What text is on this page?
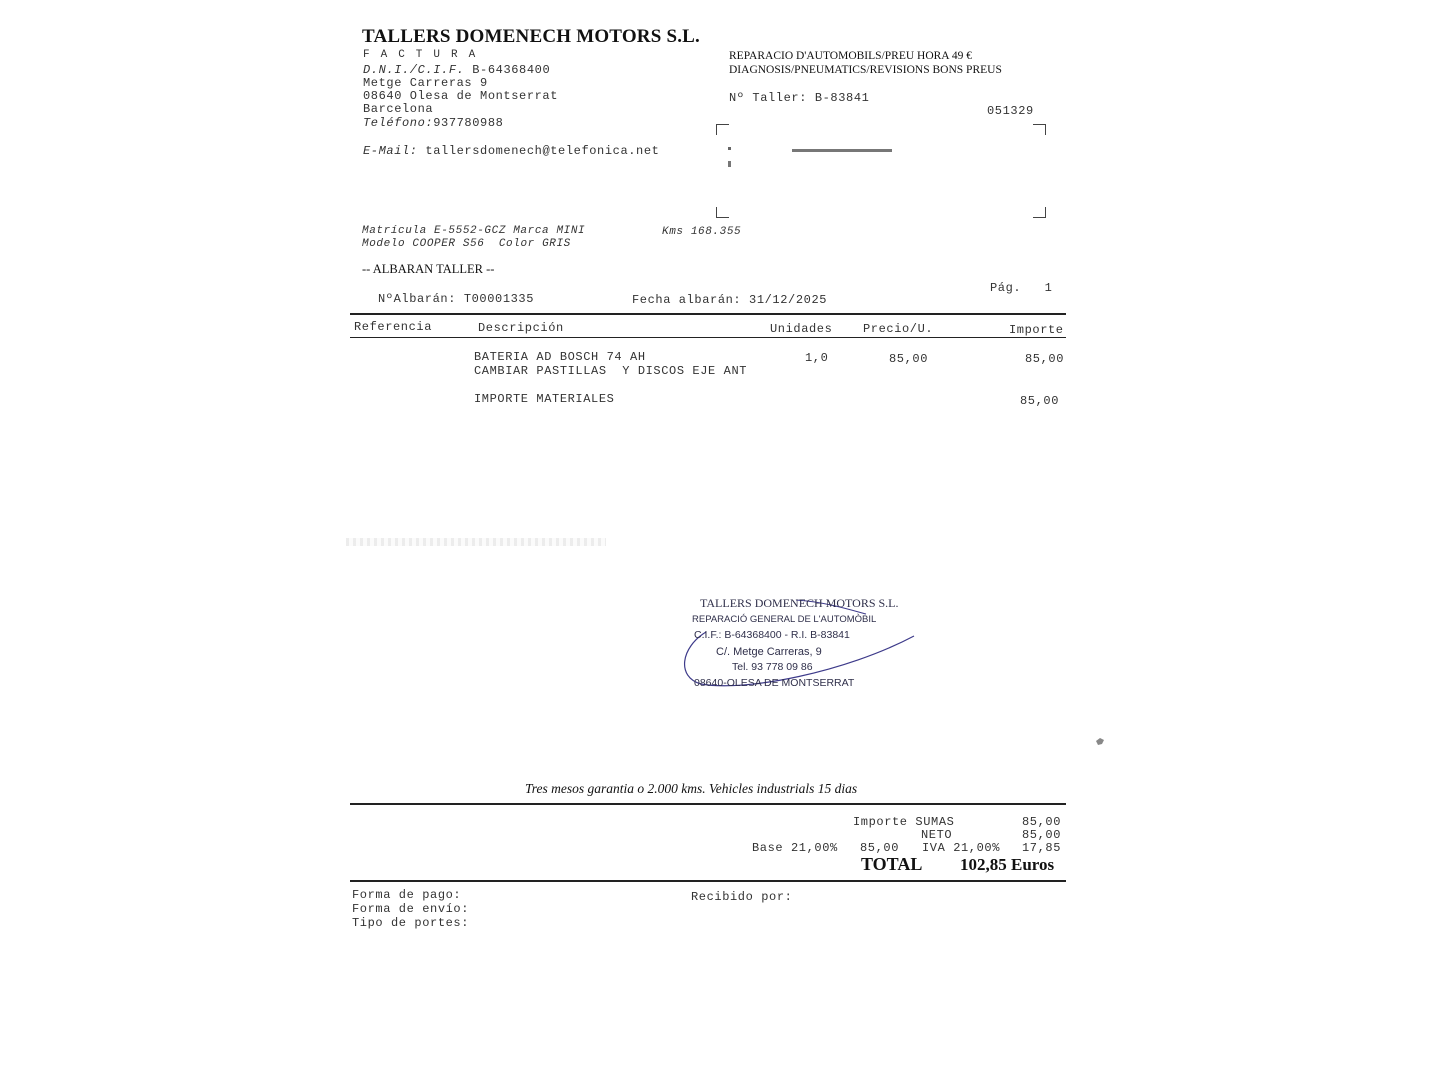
TALLERS DOMENECH MOTORS S.L.
FACTURA
D.N.I./C.I.F. B-64368400
Metge Carreras 9
08640 Olesa de Montserrat
Barcelona
Teléfono:937780988
E-Mail: tallersdomenech@telefonica.net
REPARACIO D'AUTOMOBILS/PREU HORA 49 €
DIAGNOSIS/PNEUMATICS/REVISIONS BONS PREUS
Nº Taller: B-83841
051329

Matrícula E-5552-GCZ Marca MINI	Kms 168.355
Modelo COOPER S56 Color GRIS
-- ALBARAN TALLER --
Pág. 1
NºAlbarán: T00001335	Fecha albarán: 31/12/2025
Referencia	Descripción	Unidades	Precio/U.	Importe
BATERIA AD BOSCH 74 AH	1,0	85,00	85,00
CAMBIAR PASTILLAS  Y DISCOS EJE ANT
IMPORTE MATERIALES	85,00

TALLERS DOMENECH MOTORS S.L.

REPARACIÓ GENERAL DE L'AUTOMÒBIL

C.I.F.: B-64368400 - R.I. B-83841

C/. Metge Carreras, 9

Tel. 93 778 09 86

08640-OLESA DE MONTSERRAT

Tres mesos garantia o 2.000 kms. Vehicles industrials 15 dias
Importe SUMAS	85,00
NETO	85,00
Base 21,00% 85,00 IVA 21,00% 17,85
TOTAL 102,85 Euros
Forma de pago:
Forma de envío:
Tipo de portes:
Recibido por:
